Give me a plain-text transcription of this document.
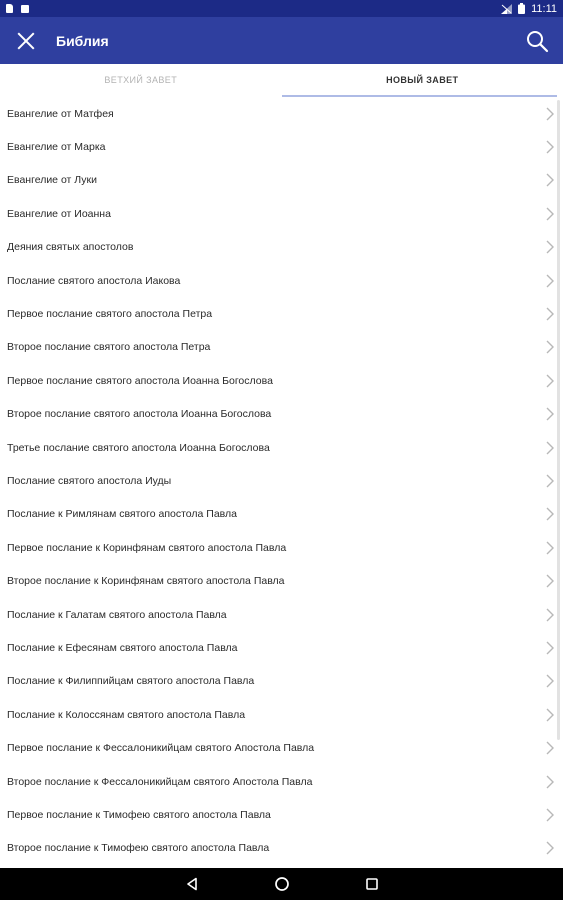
11:11
Библия
ВЕТХИЙ ЗАВЕТ	НОВЫЙ ЗАВЕТ
Евангелие от Матфея
Евангелие от Марка
Евангелие от Луки
Евангелие от Иоанна
Деяния святых апостолов
Послание святого апостола Иакова
Первое послание святого апостола Петра
Второе послание святого апостола Петра
Первое послание святого апостола Иоанна Богослова
Второе послание святого апостола Иоанна Богослова
Третье послание святого апостола Иоанна Богослова
Послание святого апостола Иуды
Послание к Римлянам святого апостола Павла
Первое послание к Коринфянам святого апостола Павла
Второе послание к Коринфянам святого апостола Павла
Послание к Галатам святого апостола Павла
Послание к Ефесянам святого апостола Павла
Послание к Филиппийцам святого апостола Павла
Послание к Колоссянам святого апостола Павла
Первое послание к Фессалоникийцам святого Апостола Павла
Второе послание к Фессалоникийцам святого Апостола Павла
Первое послание к Тимофею святого апостола Павла
Второе послание к Тимофею святого апостола Павла
